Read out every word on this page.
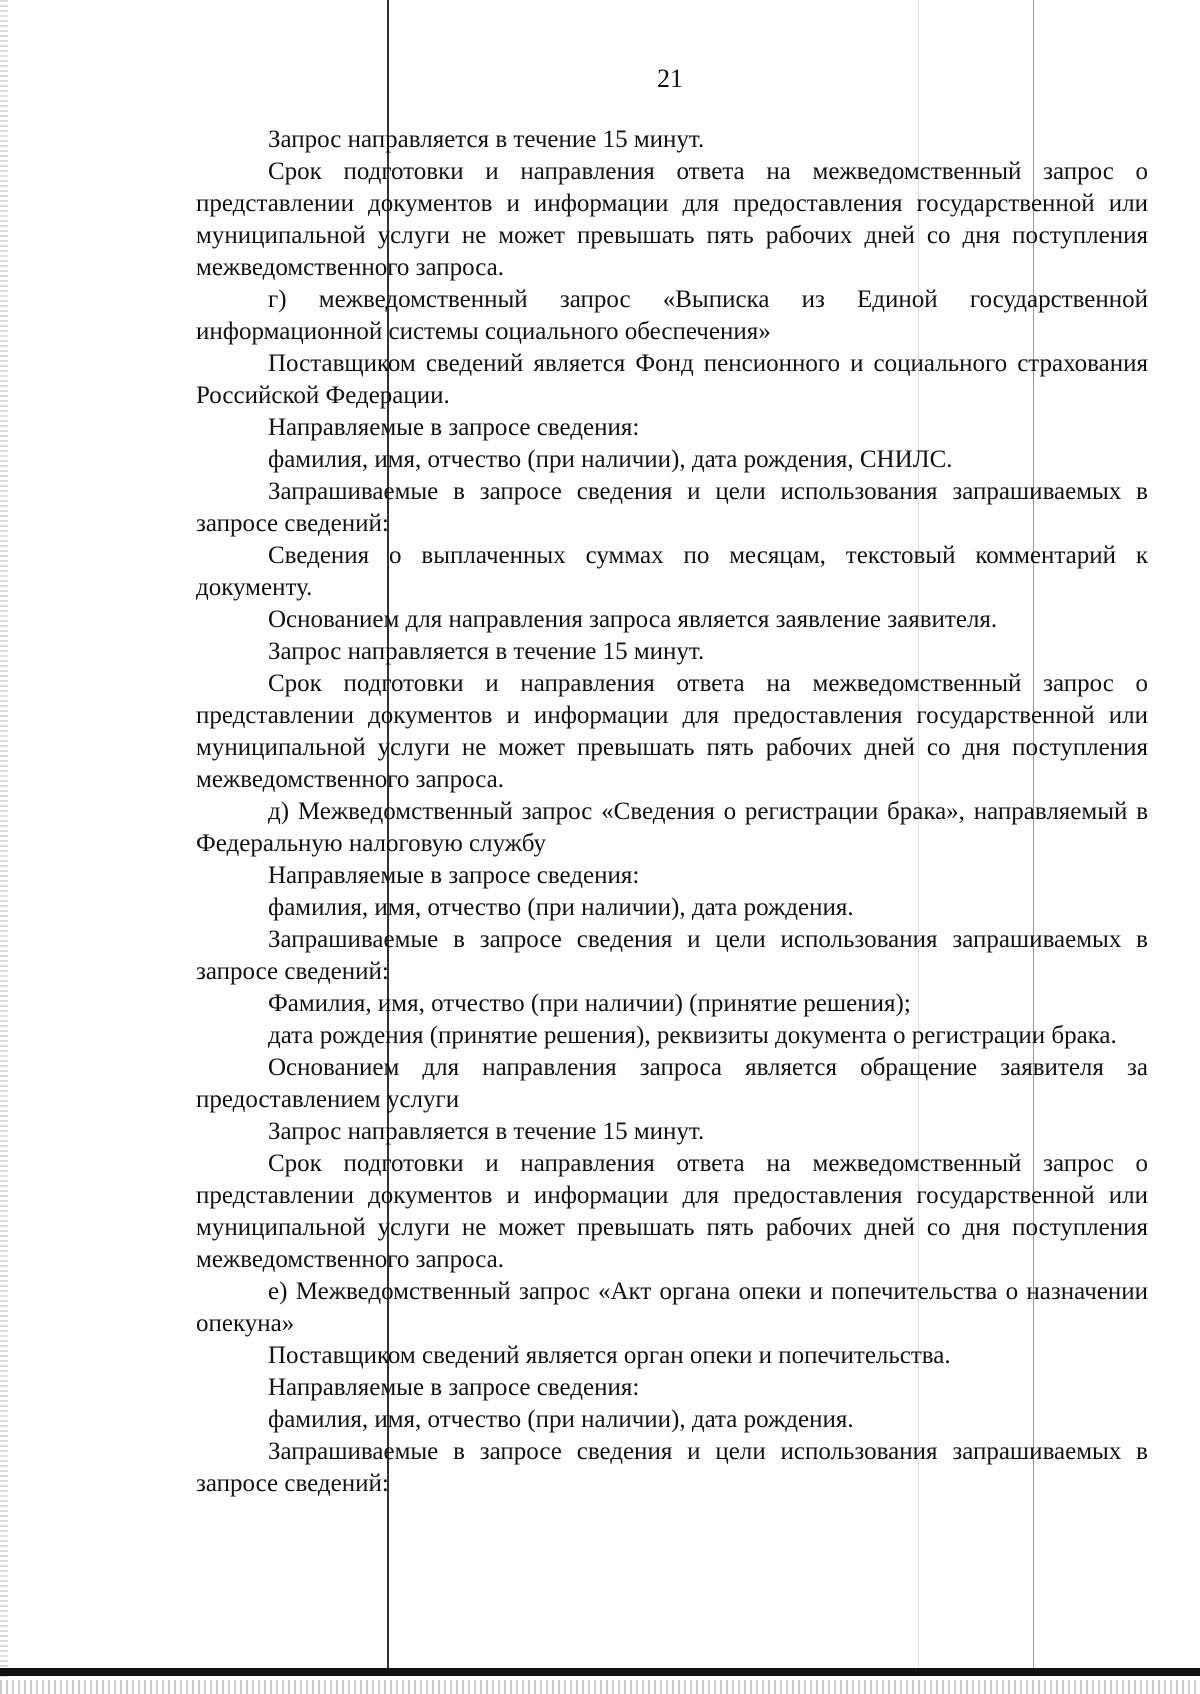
21

Запрос направляется в течение 15 минут.

Срок подготовки и направления ответа на межведомственный запрос о представлении документов и информации для предоставления государственной или муниципальной услуги не может превышать пять рабочих дней со дня поступления межведомственного запроса.

г) межведомственный запрос «Выписка из Единой государственной информационной системы социального обеспечения»

Поставщиком сведений является Фонд пенсионного и социального страхования Российской Федерации.

Направляемые в запросе сведения:

фамилия, имя, отчество (при наличии), дата рождения, СНИЛС.

Запрашиваемые в запросе сведения и цели использования запрашиваемых в запросе сведений:

Сведения о выплаченных суммах по месяцам, текстовый комментарий к документу.

Основанием для направления запроса является заявление заявителя.

Запрос направляется в течение 15 минут.

Срок подготовки и направления ответа на межведомственный запрос о представлении документов и информации для предоставления государственной или муниципальной услуги не может превышать пять рабочих дней со дня поступления межведомственного запроса.

д) Межведомственный запрос «Сведения о регистрации брака», направляемый в Федеральную налоговую службу

Направляемые в запросе сведения:

фамилия, имя, отчество (при наличии), дата рождения.

Запрашиваемые в запросе сведения и цели использования запрашиваемых в запросе сведений:

Фамилия, имя, отчество (при наличии) (принятие решения);

дата рождения (принятие решения), реквизиты документа о регистрации брака.

Основанием для направления запроса является обращение заявителя за предоставлением услуги

Запрос направляется в течение 15 минут.

Срок подготовки и направления ответа на межведомственный запрос о представлении документов и информации для предоставления государственной или муниципальной услуги не может превышать пять рабочих дней со дня поступления межведомственного запроса.

е) Межведомственный запрос «Акт органа опеки и попечительства о назначении опекуна»

Поставщиком сведений является орган опеки и попечительства.

Направляемые в запросе сведения:

фамилия, имя, отчество (при наличии), дата рождения.

Запрашиваемые в запросе сведения и цели использования запрашиваемых в запросе сведений:
